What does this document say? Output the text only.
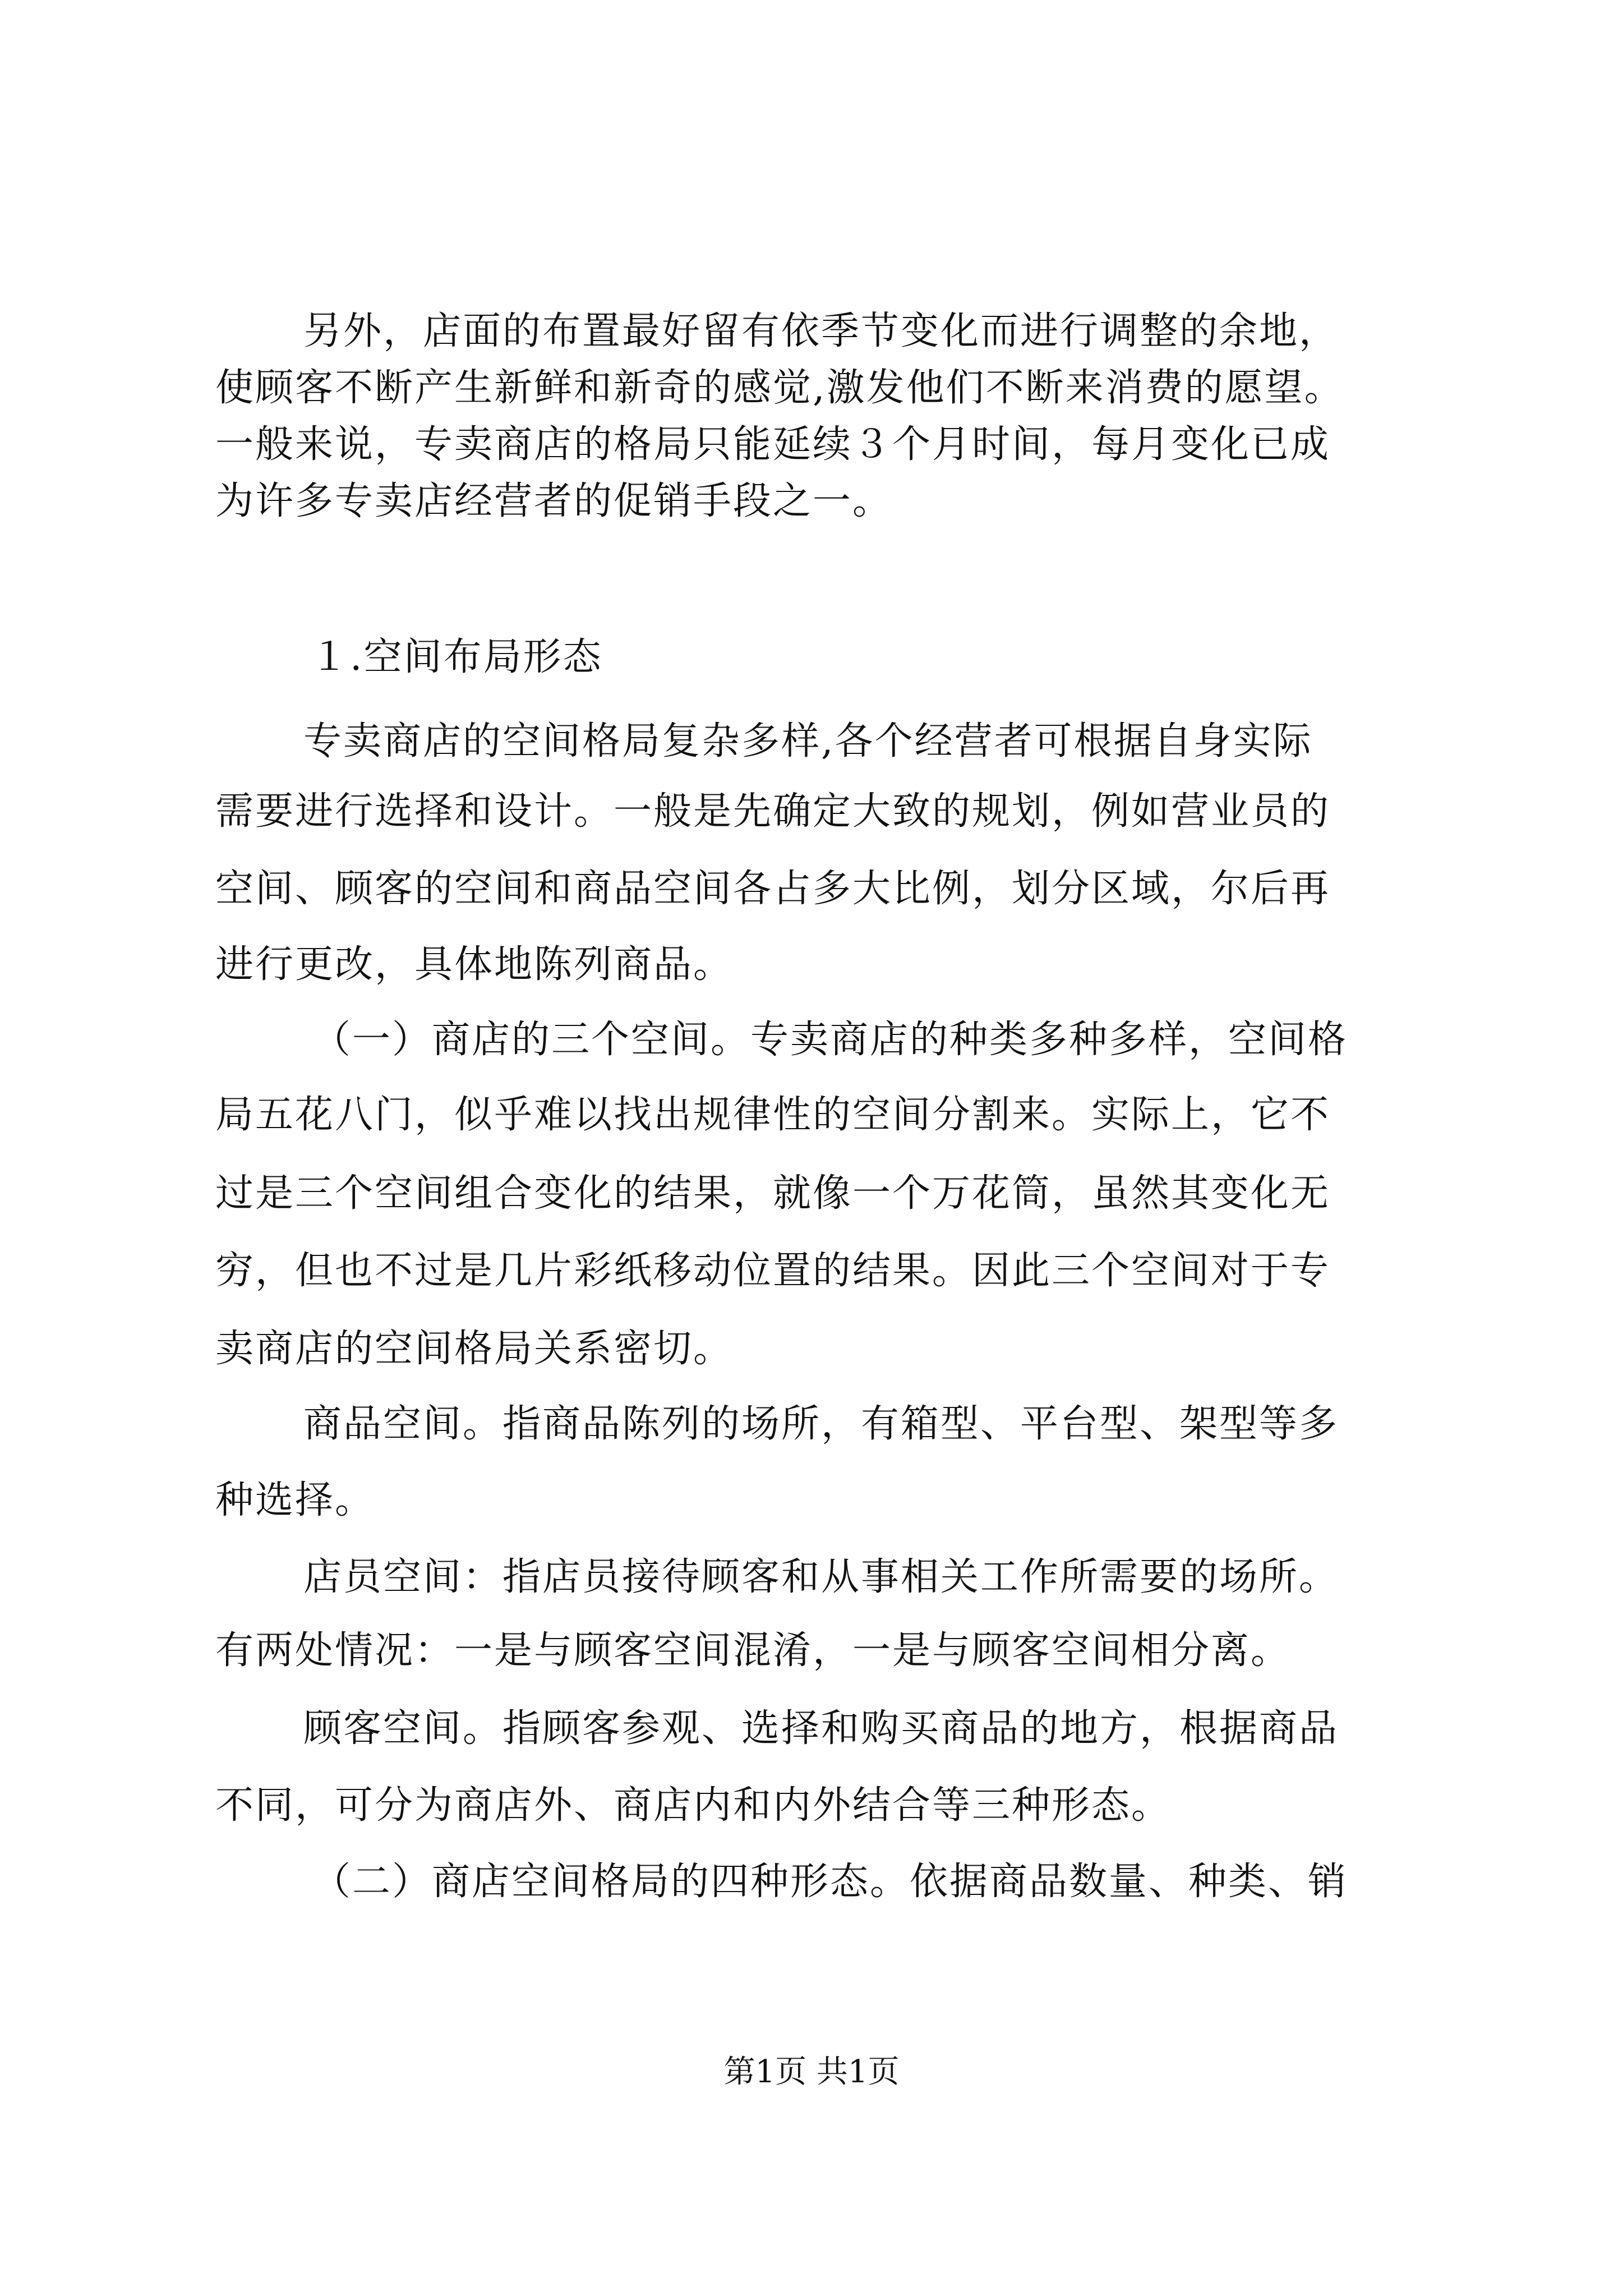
另外，店面的布置最好留有依季节变化而进行调整的余地，
使顾客不断产生新鲜和新奇的感觉,激发他们不断来消费的愿望。
一般来说，专卖商店的格局只能延续３个月时间，每月变化已成
为许多专卖店经营者的促销手段之一。
１.空间布局形态
专卖商店的空间格局复杂多样,各个经营者可根据自身实际
需要进行选择和设计。一般是先确定大致的规划，例如营业员的
空间、顾客的空间和商品空间各占多大比例，划分区域，尔后再
进行更改，具体地陈列商品。
（一）商店的三个空间。专卖商店的种类多种多样，空间格
局五花八门，似乎难以找出规律性的空间分割来。实际上，它不
过是三个空间组合变化的结果，就像一个万花筒，虽然其变化无
穷，但也不过是几片彩纸移动位置的结果。因此三个空间对于专
卖商店的空间格局关系密切。
商品空间。指商品陈列的场所，有箱型、平台型、架型等多
种选择。
店员空间：指店员接待顾客和从事相关工作所需要的场所。
有两处情况：一是与顾客空间混淆，一是与顾客空间相分离。
顾客空间。指顾客参观、选择和购买商品的地方，根据商品
不同，可分为商店外、商店内和内外结合等三种形态。
（二）商店空间格局的四种形态。依据商品数量、种类、销
第1页 共1页
